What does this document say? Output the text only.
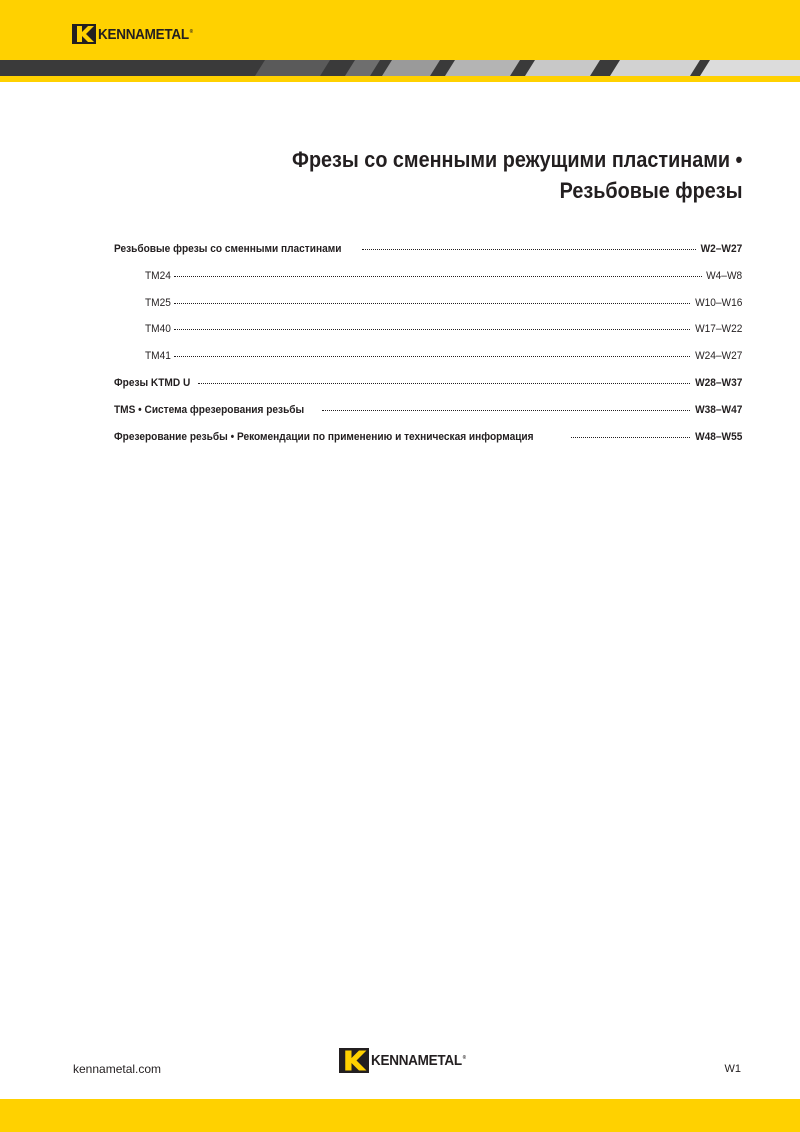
KENNAMETAL®
Фрезы со сменными режущими пластинами •
Резьбовые фрезы
Резьбовые фрезы со сменными пластинами	W2–W27
TM24	W4–W8
TM25	W10–W16
TM40	W17–W22
TM41	W24–W27
Фрезы KTMD U	W28–W37
TMS • Система фрезерования резьбы	W38–W47
Фрезерование резьбы • Рекомендации по применению и техническая информация	W48–W55
kennametal.com	KENNAMETAL®
W1
